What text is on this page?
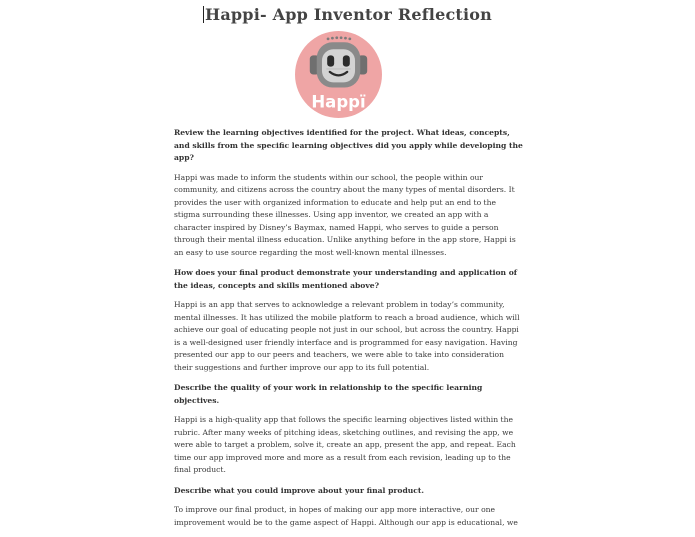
Happi- App Inventor Reflection
Happï

Review the learning objectives identified for the project. What ideas, concepts, and skills from the specific learning objectives did you apply while developing the app?

Happi was made to inform the students within our school, the people within our community, and citizens across the country about the many types of mental disorders. It provides the user with organized information to educate and help put an end to the stigma surrounding these illnesses. Using app inventor, we created an app with a character inspired by Disney’s Baymax, named Happi, who serves to guide a person through their mental illness education. Unlike anything before in the app store, Happi is an easy to use source regarding the most well-known mental illnesses.

How does your final product demonstrate your understanding and application of the ideas, concepts and skills mentioned above?

Happi is an app that serves to acknowledge a relevant problem in today’s community, mental illnesses. It has utilized the mobile platform to reach a broad audience, which will achieve our goal of educating people not just in our school, but across the country. Happi is a well-designed user friendly interface and is programmed for easy navigation. Having presented our app to our peers and teachers, we were able to take into consideration their suggestions and further improve our app to its full potential.

Describe the quality of your work in relationship to the specific learning objectives.

Happi is a high-quality app that follows the specific learning objectives listed within the rubric. After many weeks of pitching ideas, sketching outlines, and revising the app, we were able to target a problem, solve it, create an app, present the app, and repeat. Each time our app improved more and more as a result from each revision, leading up to the final product.

Describe what you could improve about your final product.

To improve our final product, in hopes of making our app more interactive, our one improvement would be to the game aspect of Happi. Although our app is educational, we
